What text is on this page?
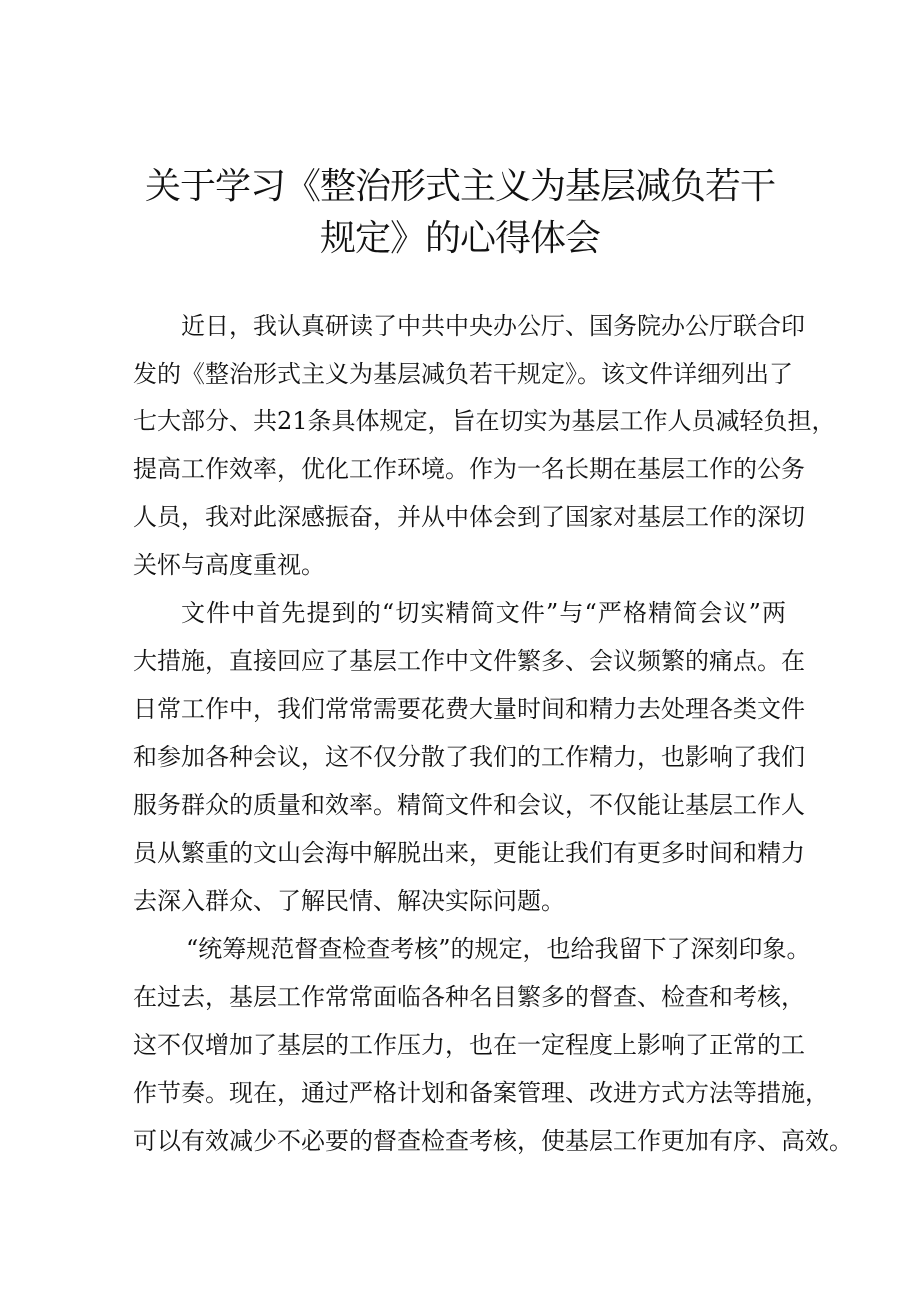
关于学习《整治形式主义为基层减负若干
规定》的心得体会
近日，我认真研读了中共中央办公厅、国务院办公厅联合印
发的《整治形式主义为基层减负若干规定》。该文件详细列出了
七大部分、共21条具体规定，旨在切实为基层工作人员减轻负担，
提高工作效率，优化工作环境。作为一名长期在基层工作的公务
人员，我对此深感振奋，并从中体会到了国家对基层工作的深切
关怀与高度重视。
文件中首先提到的“切实精简文件”与“严格精简会议”两
大措施，直接回应了基层工作中文件繁多、会议频繁的痛点。在
日常工作中，我们常常需要花费大量时间和精力去处理各类文件
和参加各种会议，这不仅分散了我们的工作精力，也影响了我们
服务群众的质量和效率。精简文件和会议，不仅能让基层工作人
员从繁重的文山会海中解脱出来，更能让我们有更多时间和精力
去深入群众、了解民情、解决实际问题。
“统筹规范督查检查考核”的规定，也给我留下了深刻印象。
在过去，基层工作常常面临各种名目繁多的督查、检查和考核，
这不仅增加了基层的工作压力，也在一定程度上影响了正常的工
作节奏。现在，通过严格计划和备案管理、改进方式方法等措施，
可以有效减少不必要的督查检查考核，使基层工作更加有序、高效。
